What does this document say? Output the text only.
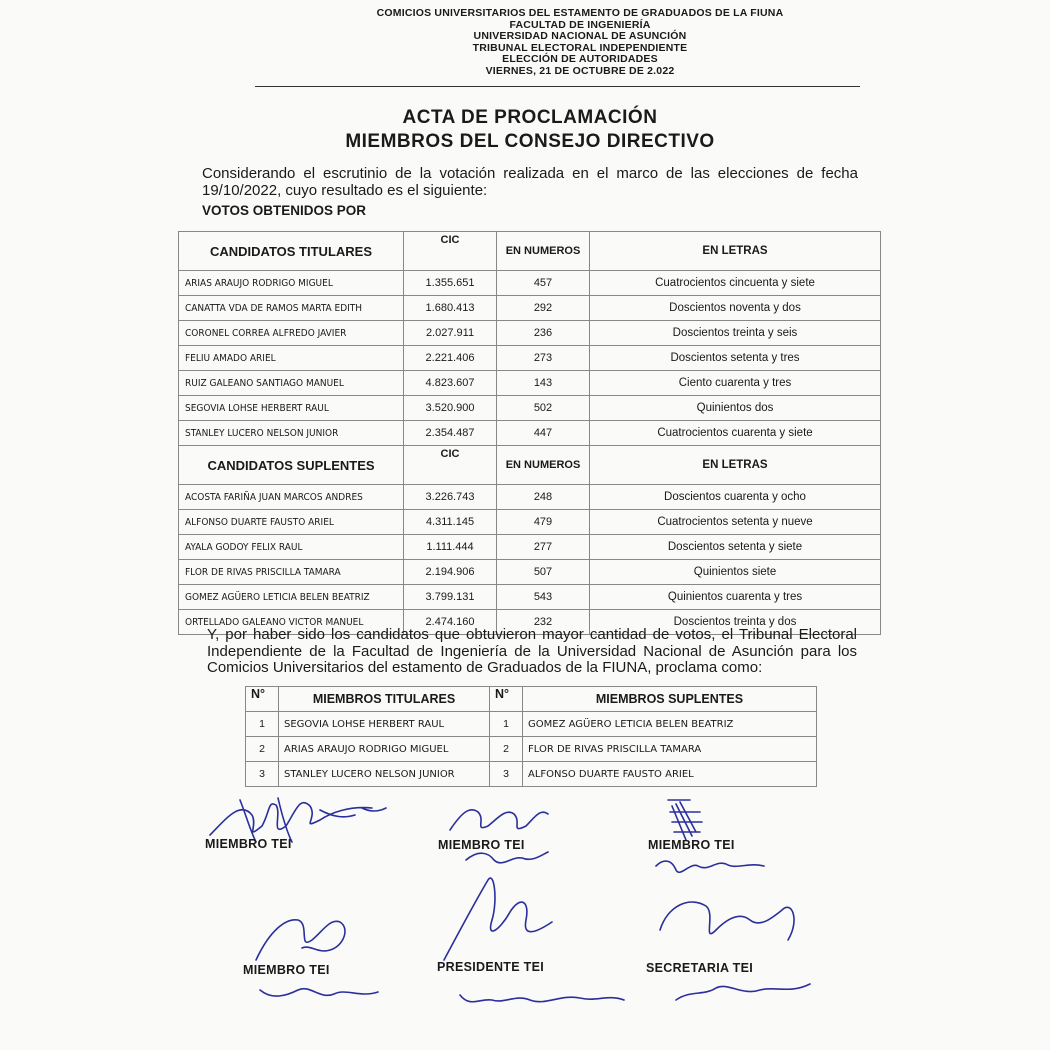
COMICIOS UNIVERSITARIOS DEL ESTAMENTO DE GRADUADOS DE LA FIUNA
FACULTAD DE INGENIERÍA
UNIVERSIDAD NACIONAL DE ASUNCIÓN
TRIBUNAL ELECTORAL INDEPENDIENTE
ELECCIÓN DE AUTORIDADES
VIERNES, 21 DE OCTUBRE DE 2.022
ACTA DE PROCLAMACIÓN
MIEMBROS DEL CONSEJO DIRECTIVO
Considerando el escrutinio de la votación realizada en el marco de las elecciones de fecha 19/10/2022, cuyo resultado es el siguiente:
VOTOS OBTENIDOS POR
CANDIDATOS TITULARES	CIC	EN NUMEROS	EN LETRAS
ARIAS ARAUJO RODRIGO MIGUEL	1.355.651	457	Cuatrocientos cincuenta y siete
CANATTA VDA DE RAMOS MARTA EDITH	1.680.413	292	Doscientos noventa y dos
CORONEL CORREA ALFREDO JAVIER	2.027.911	236	Doscientos treinta y seis
FELIU AMADO ARIEL	2.221.406	273	Doscientos setenta y tres
RUIZ GALEANO SANTIAGO MANUEL	4.823.607	143	Ciento cuarenta y tres
SEGOVIA LOHSE HERBERT RAUL	3.520.900	502	Quinientos dos
STANLEY LUCERO NELSON JUNIOR	2.354.487	447	Cuatrocientos cuarenta y siete
CANDIDATOS SUPLENTES	CIC	EN NUMEROS	EN LETRAS
ACOSTA FARIÑA JUAN MARCOS ANDRES	3.226.743	248	Doscientos cuarenta y ocho
ALFONSO DUARTE FAUSTO ARIEL	4.311.145	479	Cuatrocientos setenta y nueve
AYALA GODOY FELIX RAUL	1.111.444	277	Doscientos setenta y siete
FLOR DE RIVAS PRISCILLA TAMARA	2.194.906	507	Quinientos siete
GOMEZ AGÜERO LETICIA BELEN BEATRIZ	3.799.131	543	Quinientos cuarenta y tres
ORTELLADO GALEANO VICTOR MANUEL	2.474.160	232	Doscientos treinta y dos
Y, por haber sido los candidatos que obtuvieron mayor cantidad de votos, el Tribunal Electoral Independiente de la Facultad de Ingeniería de la Universidad Nacional de Asunción para los Comicios Universitarios del estamento de Graduados de la FIUNA, proclama como:
N°	MIEMBROS TITULARES	N°	MIEMBROS SUPLENTES
1	SEGOVIA LOHSE HERBERT RAUL	1	GOMEZ AGÜERO LETICIA BELEN BEATRIZ
2	ARIAS ARAUJO RODRIGO MIGUEL	2	FLOR DE RIVAS PRISCILLA TAMARA
3	STANLEY LUCERO NELSON JUNIOR	3	ALFONSO DUARTE FAUSTO ARIEL
MIEMBRO TEI	MIEMBRO TEI	MIEMBRO TEI
MIEMBRO TEI	PRESIDENTE TEI	SECRETARIA TEI
